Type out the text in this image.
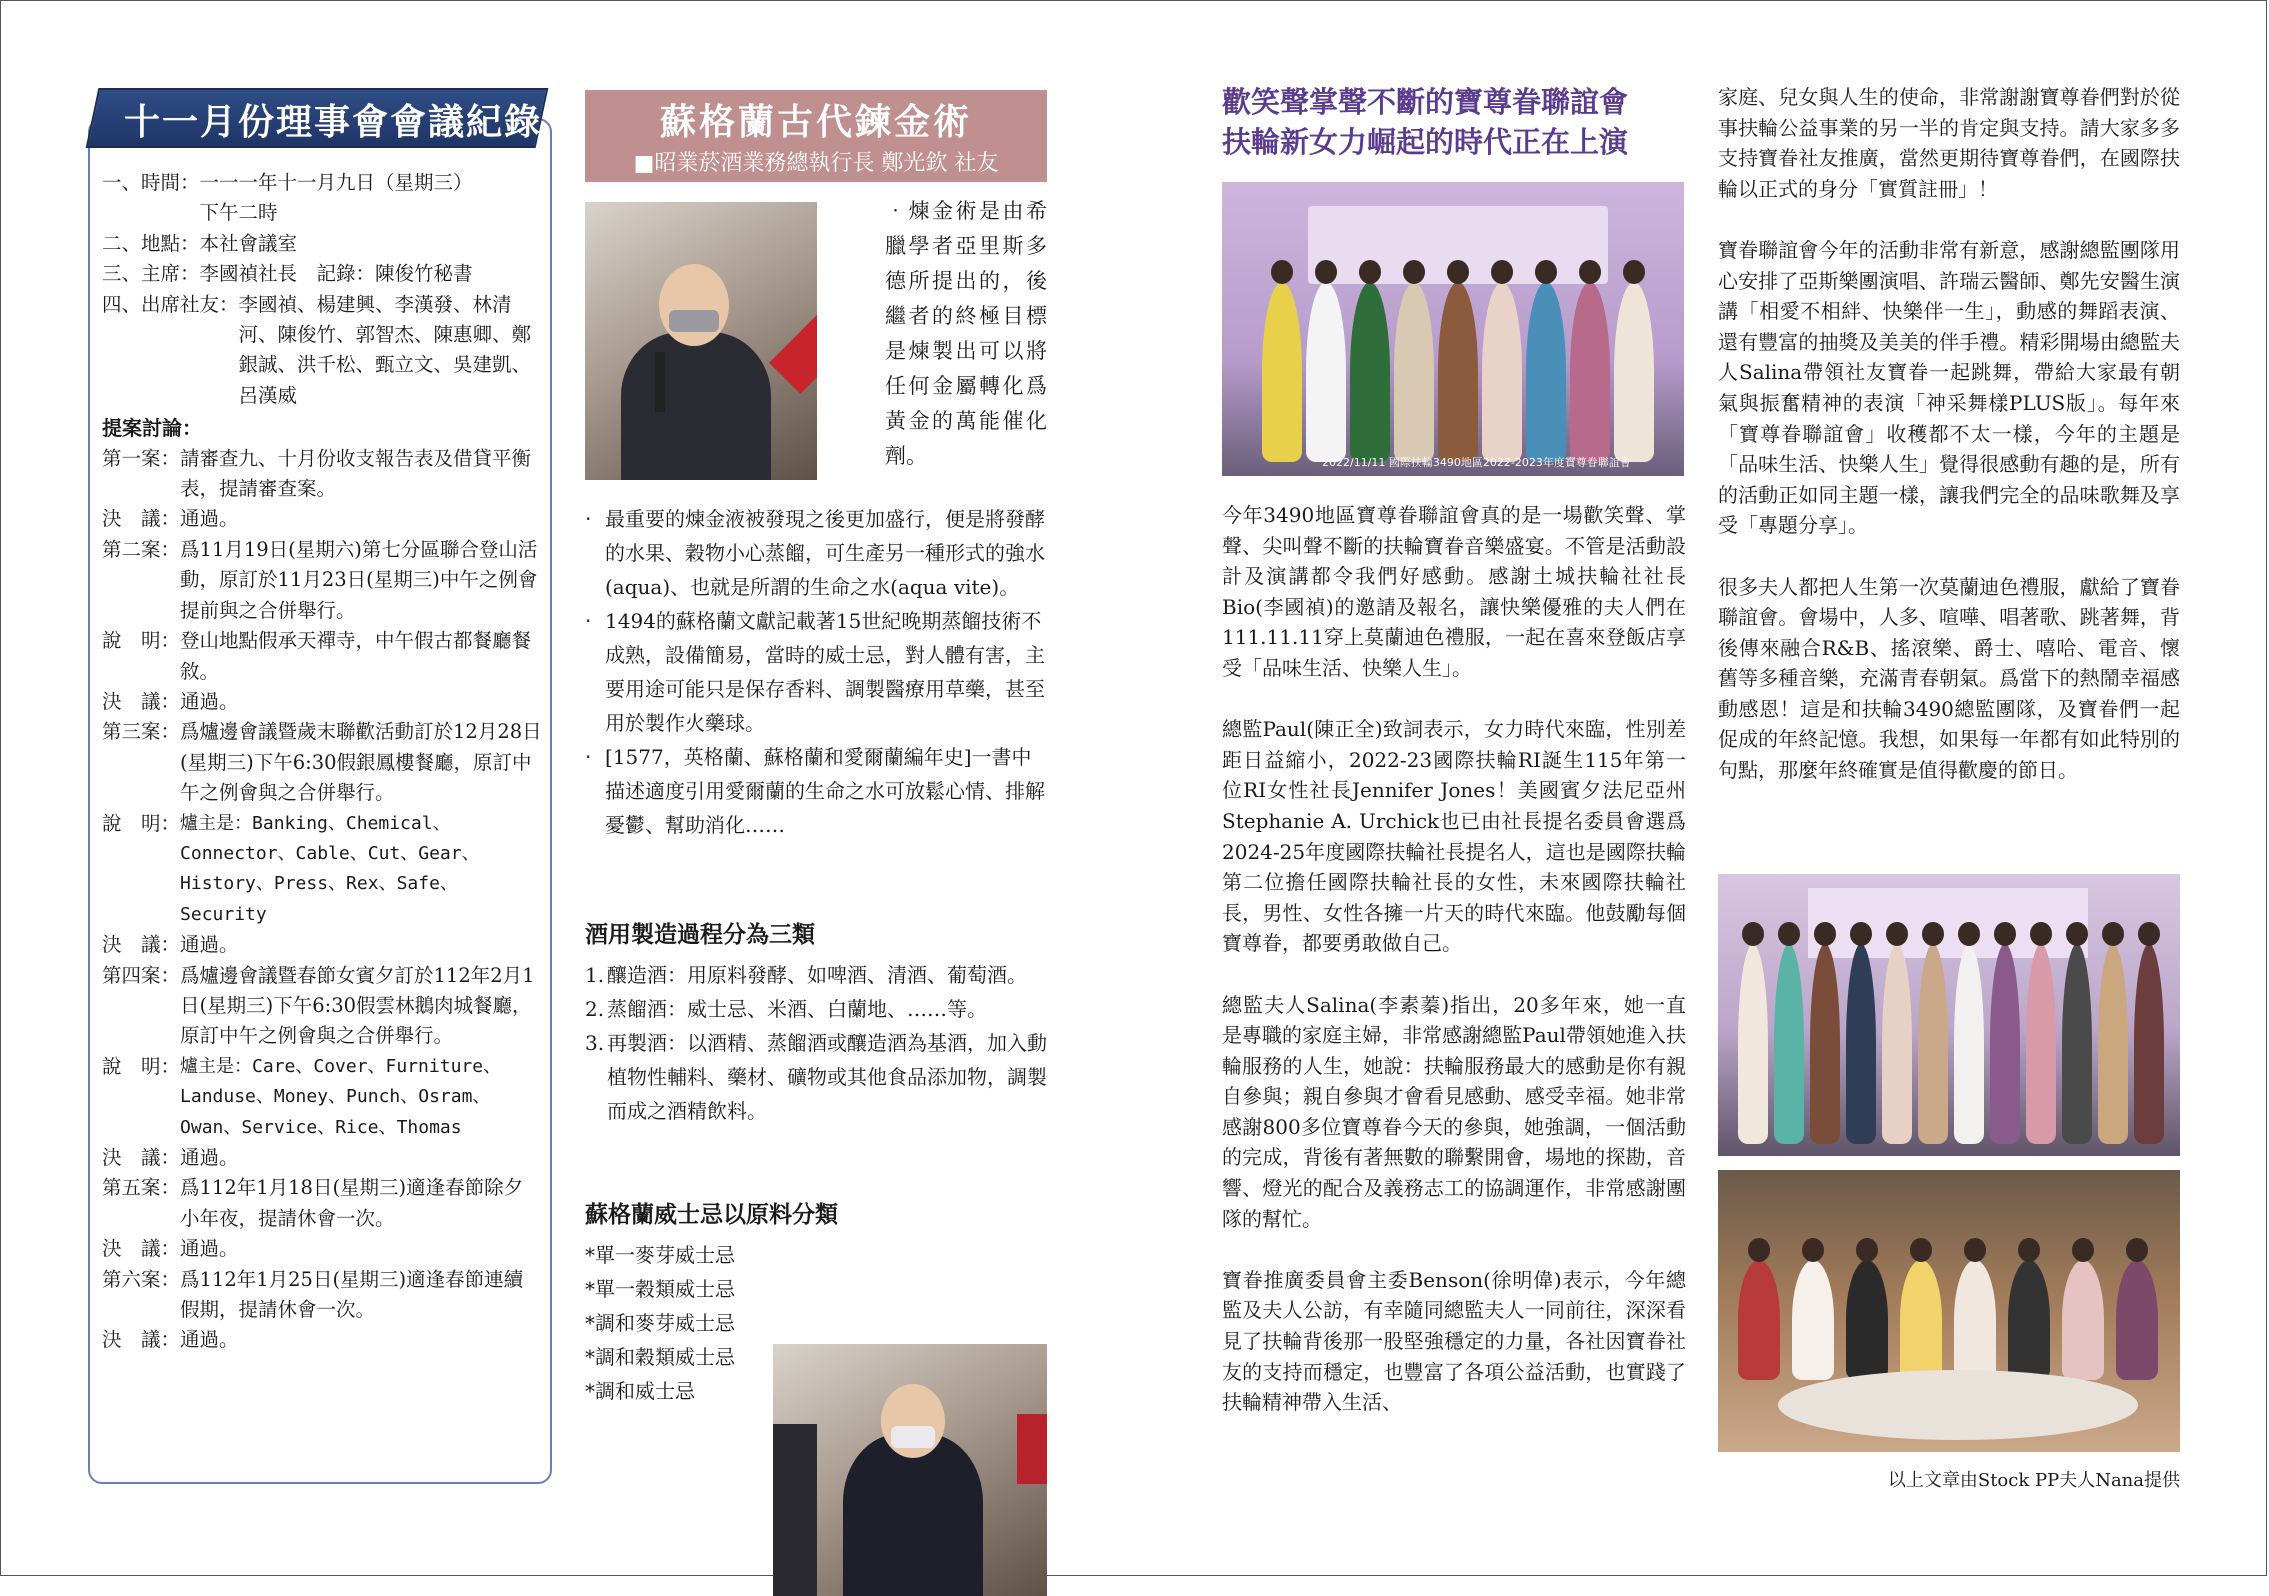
十一月份理事會會議紀錄
一、時間： 一一一年十一月九日（星期三）
下午二時
二、地點： 本社會議室
三、主席： 李國禎社長　記錄：陳俊竹秘書
四、出席社友： 李國禎、楊建興、李漢發、林清河、陳俊竹、郭智杰、陳惠卿、鄭銀誠、洪千松、甄立文、吳建凱、呂漢威
提案討論：
第一案： 請審查九、十月份收支報告表及借貸平衡表，提請審查案。
決　議： 通過。
第二案： 爲11月19日(星期六)第七分區聯合登山活動，原訂於11月23日(星期三)中午之例會提前與之合併舉行。
說　明： 登山地點假承天禪寺，中午假古都餐廳餐敘。
決　議： 通過。
第三案： 爲爐邊會議暨歲末聯歡活動訂於12月28日(星期三)下午6:30假銀鳳樓餐廳，原訂中午之例會與之合併舉行。
說　明： 爐主是：Banking、Chemical、Connector、Cable、Cut、Gear、History、Press、Rex、Safe、Security
決　議： 通過。
第四案： 爲爐邊會議暨春節女賓夕訂於112年2月1日(星期三)下午6:30假雲林鵝肉城餐廳，原訂中午之例會與之合併舉行。
說　明： 爐主是：Care、Cover、Furniture、Landuse、Money、Punch、Osram、Owan、Service、Rice、Thomas
決　議： 通過。
第五案： 爲112年1月18日(星期三)適逢春節除夕小年夜，提請休會一次。
決　議： 通過。
第六案： 爲112年1月25日(星期三)適逢春節連續假期，提請休會一次。
決　議： 通過。
蘇格蘭古代鍊金術
■昭業菸酒業務總執行長 鄭光欽 社友
‧煉金術是由希臘學者亞里斯多德所提出的，後繼者的終極目標是煉製出可以將任何金屬轉化爲黃金的萬能催化劑。
‧ 最重要的煉金液被發現之後更加盛行，便是將發酵的水果、穀物小心蒸餾，可生產另一種形式的強水(aqua)、也就是所謂的生命之水(aqua vite)。
‧ 1494的蘇格蘭文獻記載著15世紀晚期蒸餾技術不成熟，設備簡易，當時的威士忌，對人體有害，主要用途可能只是保存香料、調製醫療用草藥，甚至用於製作火藥球。
‧ [1577，英格蘭、蘇格蘭和愛爾蘭編年史]一書中描述適度引用愛爾蘭的生命之水可放鬆心情、排解憂鬱、幫助消化……
酒用製造過程分為三類
1. 釀造酒：用原料發酵、如啤酒、清酒、葡萄酒。
2. 蒸餾酒：威士忌、米酒、白蘭地、……等。
3. 再製酒：以酒精、蒸餾酒或釀造酒為基酒，加入動植物性輔料、藥材、礦物或其他食品添加物，調製而成之酒精飲料。
蘇格蘭威士忌以原料分類
*單一麥芽威士忌
*單一穀類威士忌
*調和麥芽威士忌
*調和穀類威士忌
*調和威士忌
歡笑聲掌聲不斷的寶尊眷聯誼會
扶輪新女力崛起的時代正在上演
2022/11/11 國際扶輪3490地區2022-2023年度寶尊眷聯誼會

今年3490地區寶尊眷聯誼會真的是一場歡笑聲、掌聲、尖叫聲不斷的扶輪寶眷音樂盛宴。不管是活動設計及演講都令我們好感動。感謝土城扶輪社社長Bio(李國禎)的邀請及報名，讓快樂優雅的夫人們在111.11.11穿上莫蘭迪色禮服，一起在喜來登飯店享受「品味生活、快樂人生」。

總監Paul(陳正全)致詞表示，女力時代來臨，性別差距日益縮小，2022-23國際扶輪RI誕生115年第一位RI女性社長Jennifer Jones！美國賓夕法尼亞州Stephanie A. Urchick也已由社長提名委員會選爲2024-25年度國際扶輪社長提名人，這也是國際扶輪第二位擔任國際扶輪社長的女性，未來國際扶輪社長，男性、女性各擁一片天的時代來臨。他鼓勵每個寶尊眷，都要勇敢做自己。

總監夫人Salina(李素蓁)指出，20多年來，她一直是專職的家庭主婦，非常感謝總監Paul帶領她進入扶輪服務的人生，她說：扶輪服務最大的感動是你有親自參與；親自參與才會看見感動、感受幸福。她非常感謝800多位寶尊眷今天的參與，她強調，一個活動的完成，背後有著無數的聯繫開會，場地的探勘，音響、燈光的配合及義務志工的協調運作，非常感謝團隊的幫忙。

寶眷推廣委員會主委Benson(徐明偉)表示，今年總監及夫人公訪，有幸隨同總監夫人一同前往，深深看見了扶輪背後那一股堅強穩定的力量，各社因寶眷社友的支持而穩定，也豐富了各項公益活動，也實踐了扶輪精神帶入生活、

家庭、兒女與人生的使命，非常謝謝寶尊眷們對於從事扶輪公益事業的另一半的肯定與支持。請大家多多支持寶眷社友推廣，當然更期待寶尊眷們，在國際扶輪以正式的身分「實質註冊」！

寶眷聯誼會今年的活動非常有新意，感謝總監團隊用心安排了亞斯樂團演唱、許瑞云醫師、鄭先安醫生演講「相愛不相絆、快樂伴一生」，動感的舞蹈表演、還有豐富的抽獎及美美的伴手禮。精彩開場由總監夫人Salina帶領社友寶眷一起跳舞，帶給大家最有朝氣與振奮精神的表演「神采舞樣PLUS版」。每年來「寶尊眷聯誼會」收穫都不太一樣，今年的主題是「品味生活、快樂人生」覺得很感動有趣的是，所有的活動正如同主題一樣，讓我們完全的品味歌舞及享受「專題分享」。

很多夫人都把人生第一次莫蘭迪色禮服，獻給了寶眷聯誼會。會場中，人多、喧嘩、唱著歌、跳著舞，背後傳來融合R&B、搖滾樂、爵士、嘻哈、電音、懷舊等多種音樂，充滿青春朝氣。爲當下的熱鬧幸福感動感恩！這是和扶輪3490總監團隊，及寶眷們一起促成的年終記憶。我想，如果每一年都有如此特別的句點，那麼年終確實是值得歡慶的節日。

以上文章由Stock PP夫人Nana提供
